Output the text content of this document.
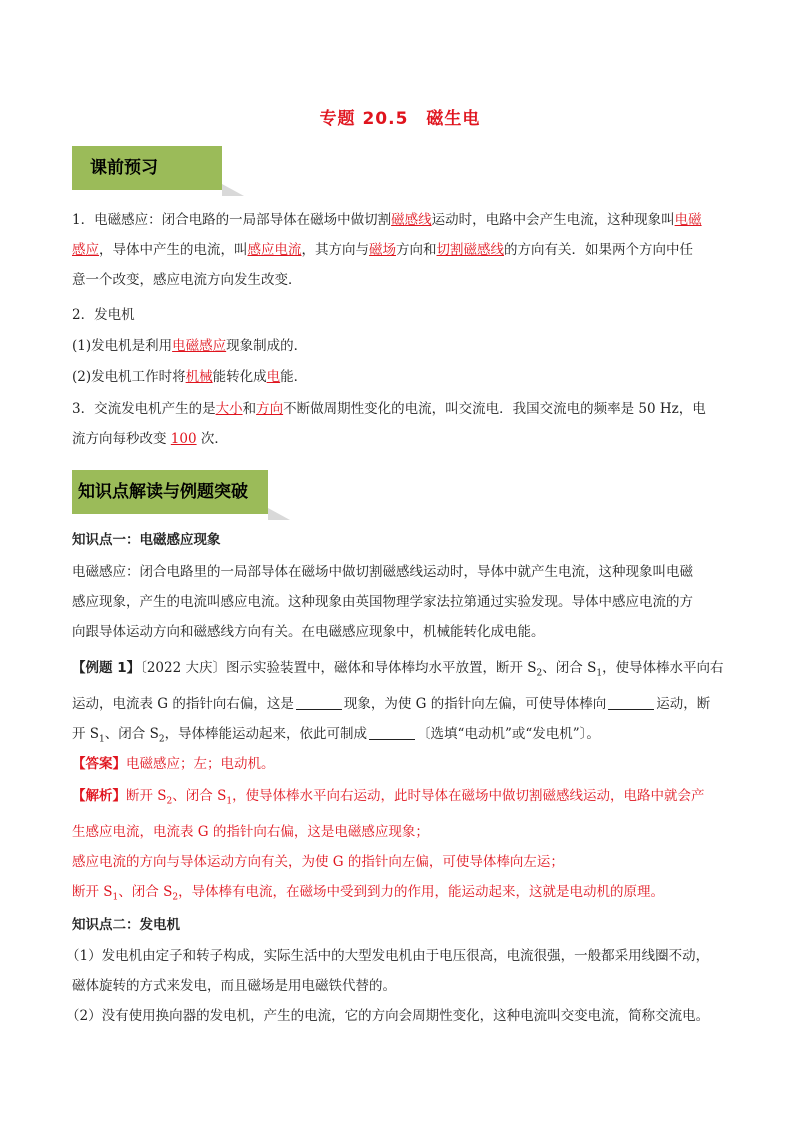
专题 20.5　磁生电
课前预习

1．电磁感应：闭合电路的一局部导体在磁场中做切割磁感线运动时，电路中会产生电流，这种现象叫电磁
感应，导体中产生的电流，叫感应电流，其方向与磁场方向和切割磁感线的方向有关．如果两个方向中任
意一个改变，感应电流方向发生改变．

2．发电机

(1)发电机是利用电磁感应现象制成的．

(2)发电机工作时将机械能转化成电能．

3．交流发电机产生的是大小和方向不断做周期性变化的电流，叫交流电．我国交流电的频率是 50 Hz，电
流方向每秒改变 100 次．

知识点解读与例题突破

知识点一：电磁感应现象

电磁感应：闭合电路里的一局部导体在磁场中做切割磁感线运动时，导体中就产生电流，这种现象叫电磁
感应现象，产生的电流叫感应电流。这种现象由英国物理学家法拉第通过实验发现。导体中感应电流的方
向跟导体运动方向和磁感线方向有关。在电磁感应现象中，机械能转化成电能。

【例题 1】〔2022 大庆〕图示实验装置中，磁体和导体棒均水平放置，断开 $S_2$、闭合 $S_1$，使导体棒水平向右
运动，电流表 G 的指针向右偏，这是	现象，为使 G 的指针向左偏，可使导体棒向	运动，断
开 $S_1$、闭合 $S_2$，导体棒能运动起来，依此可制成	〔选填“电动机”或“发电机”〕。

【答案】电磁感应；左；电动机。

【解析】断开 $S_2$、闭合 $S_1$，使导体棒水平向右运动，此时导体在磁场中做切割磁感线运动，电路中就会产
生感应电流，电流表 G 的指针向右偏，这是电磁感应现象；
感应电流的方向与导体运动方向有关，为使 G 的指针向左偏，可使导体棒向左运；
断开 $S_1$、闭合 $S_2$，导体棒有电流，在磁场中受到到力的作用，能运动起来，这就是电动机的原理。

知识点二：发电机

（1）发电机由定子和转子构成，实际生活中的大型发电机由于电压很高，电流很强，一般都采用线圈不动，
磁体旋转的方式来发电，而且磁场是用电磁铁代替的。
（2）没有使用换向器的发电机，产生的电流，它的方向会周期性变化，这种电流叫交变电流，简称交流电。
